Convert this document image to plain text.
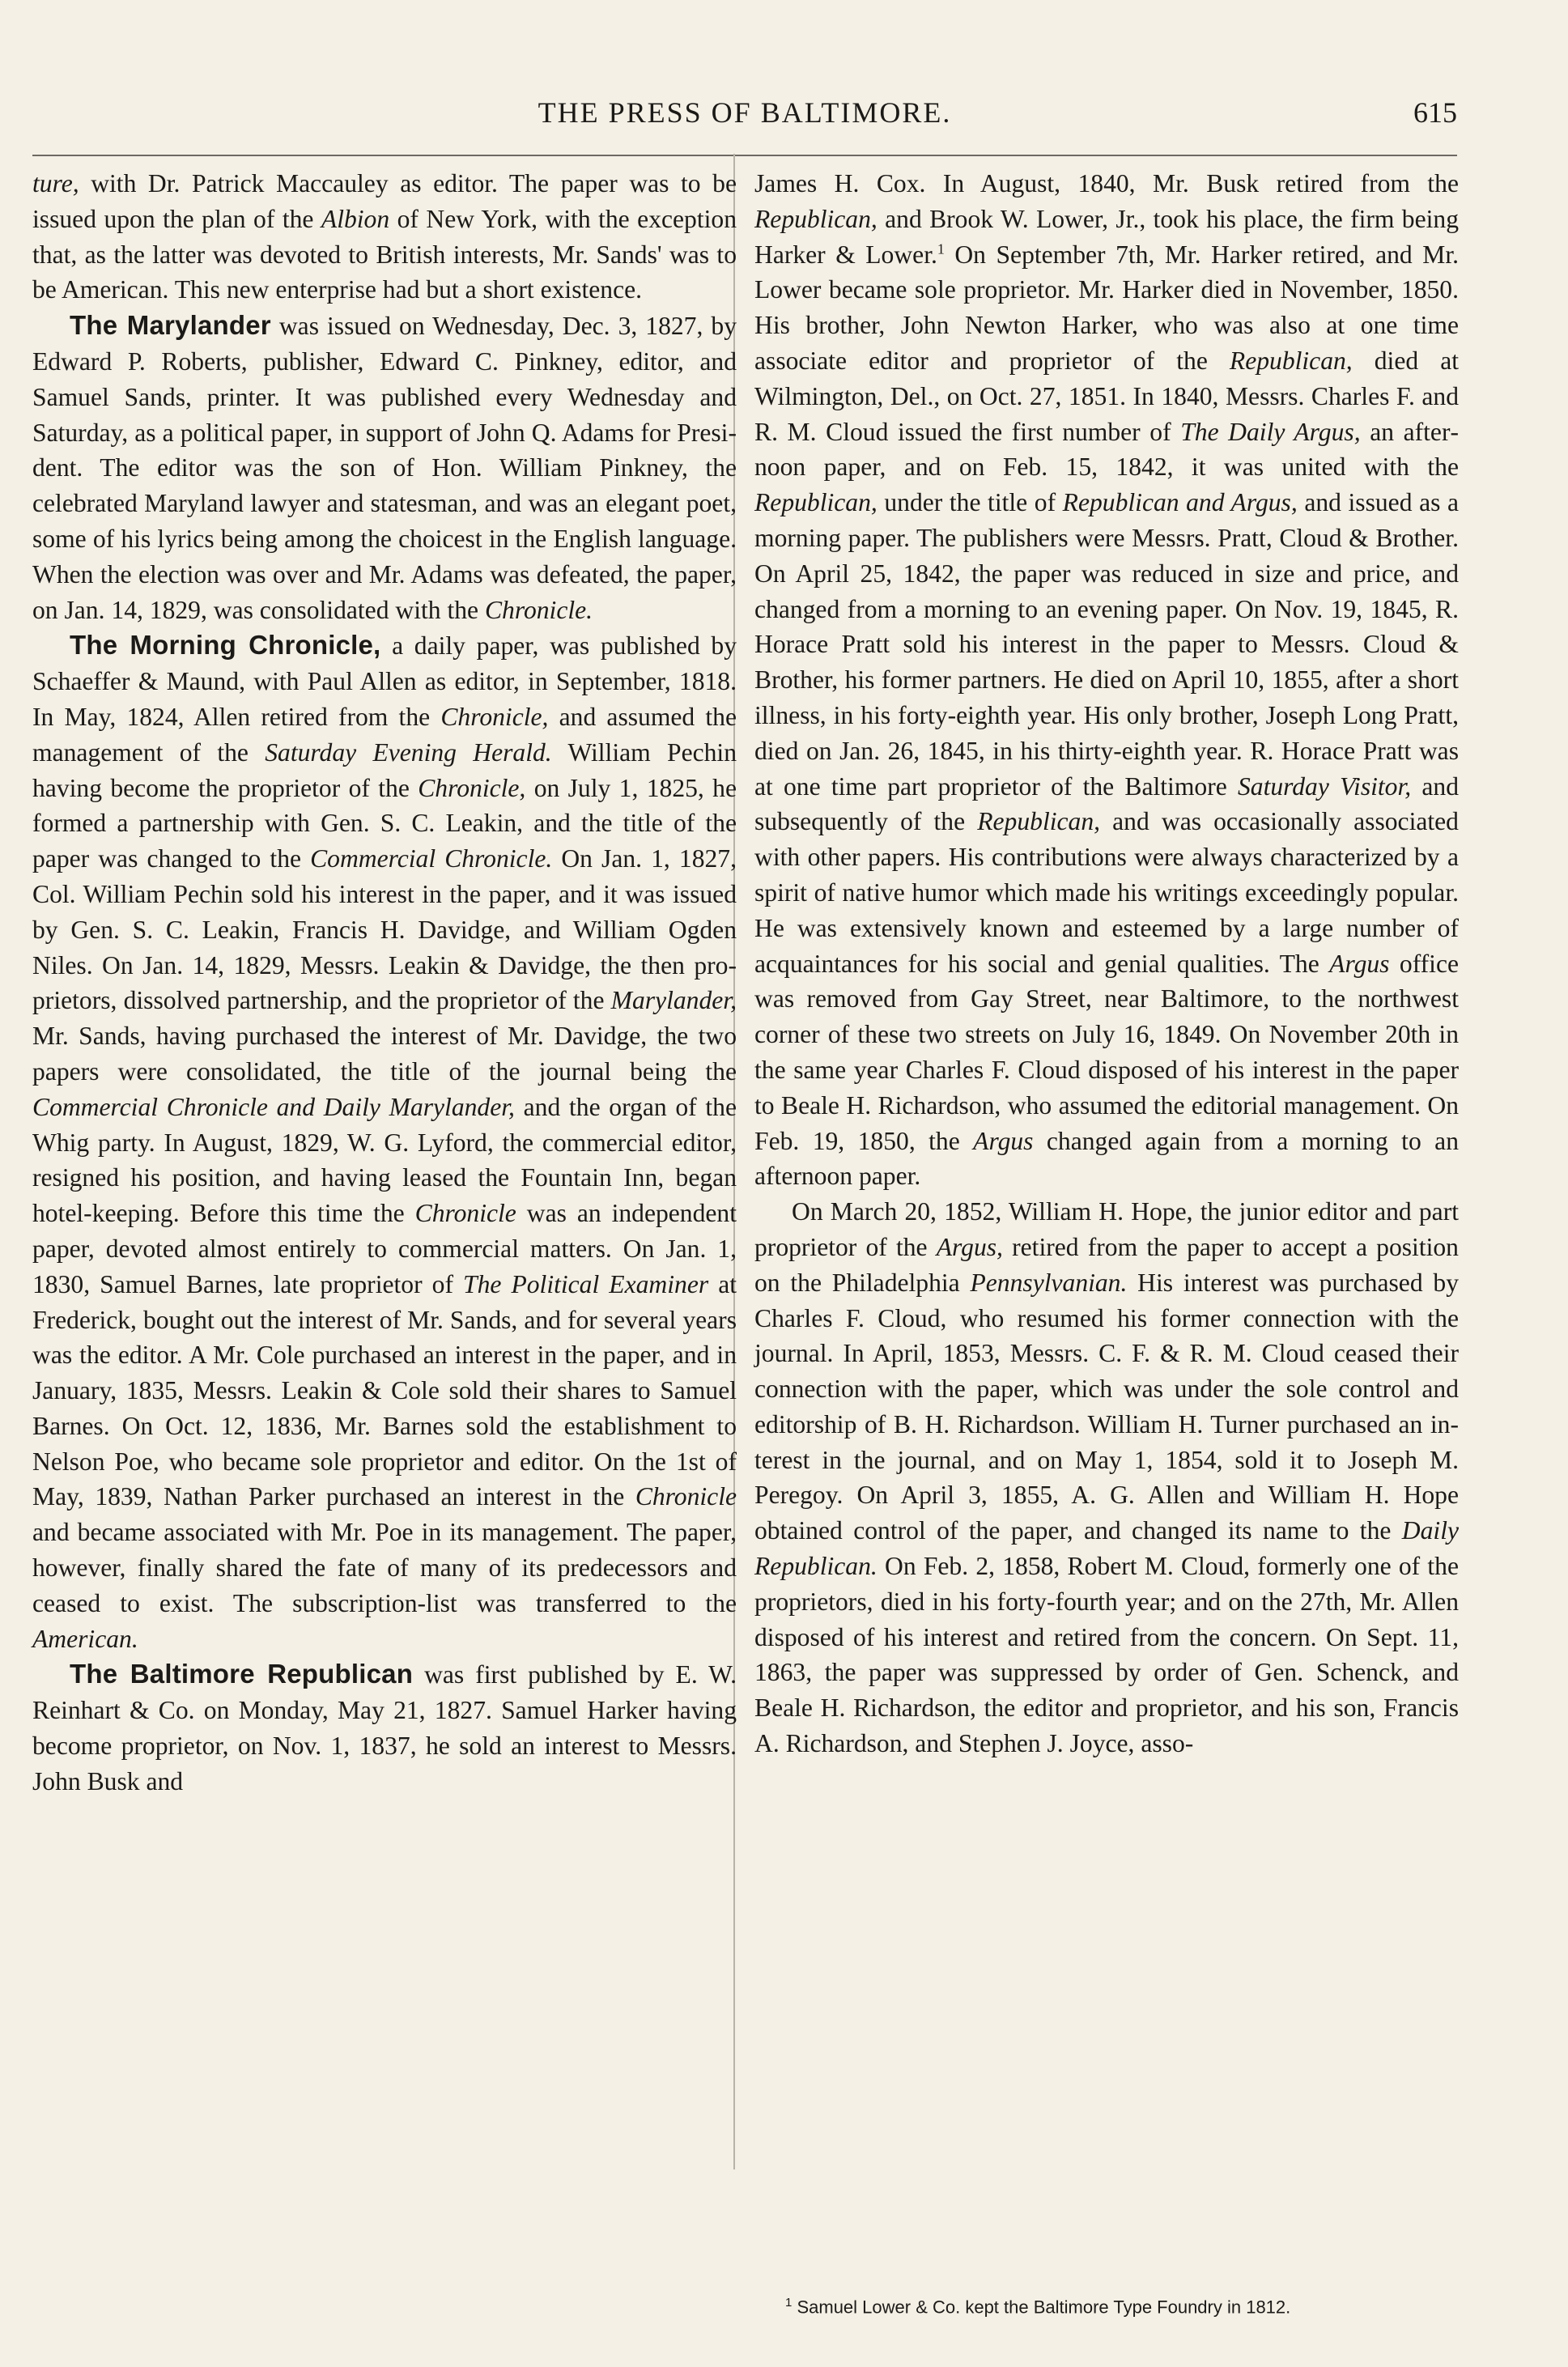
THE PRESS OF BALTIMORE.	615

ture, with Dr. Patrick Maccauley as editor. The paper was to be issued upon the plan of the Albion of New York, with the exception that, as the latter was devoted to British interests, Mr. Sands' was to be American. This new enterprise had but a short existence.

The Marylander was issued on Wednesday, Dec. 3, 1827, by Edward P. Roberts, publisher, Edward C. Pinkney, editor, and Samuel Sands, printer. It was published every Wednesday and Saturday, as a political paper, in support of John Q. Adams for President. The editor was the son of Hon. William Pinkney, the celebrated Maryland lawyer and statesman, and was an elegant poet, some of his lyrics being among the choicest in the English language. When the election was over and Mr. Adams was defeated, the paper, on Jan. 14, 1829, was consolidated with the Chronicle.

The Morning Chronicle, a daily paper, was published by Schaeffer & Maund, with Paul Allen as editor, in September, 1818. In May, 1824, Allen retired from the Chronicle, and assumed the management of the Saturday Evening Herald. William Pechin having become the proprietor of the Chronicle, on July 1, 1825, he formed a partnership with Gen. S. C. Leakin, and the title of the paper was changed to the Commercial Chronicle. On Jan. 1, 1827, Col. William Pechin sold his interest in the paper, and it was issued by Gen. S. C. Leakin, Francis H. Davidge, and William Ogden Niles. On Jan. 14, 1829, Messrs. Leakin & Davidge, the then proprietors, dissolved partnership, and the proprietor of the Marylander, Mr. Sands, having purchased the interest of Mr. Davidge, the two papers were consolidated, the title of the journal being the Commercial Chronicle and Daily Marylander, and the organ of the Whig party. In August, 1829, W. G. Lyford, the commercial editor, resigned his position, and having leased the Fountain Inn, began hotel-keeping. Before this time the Chronicle was an independent paper, devoted almost entirely to commercial matters. On Jan. 1, 1830, Samuel Barnes, late proprietor of The Political Examiner at Frederick, bought out the interest of Mr. Sands, and for several years was the editor. A Mr. Cole purchased an interest in the paper, and in January, 1835, Messrs. Leakin & Cole sold their shares to Samuel Barnes. On Oct. 12, 1836, Mr. Barnes sold the establishment to Nelson Poe, who became sole proprietor and editor. On the 1st of May, 1839, Nathan Parker purchased an interest in the Chronicle and became associated with Mr. Poe in its management. The paper, however, finally shared the fate of many of its predecessors and ceased to exist. The subscription-list was transferred to the American.

The Baltimore Republican was first published by E. W. Reinhart & Co. on Monday, May 21, 1827. Samuel Harker having become proprietor, on Nov. 1, 1837, he sold an interest to Messrs. John Busk and

James H. Cox. In August, 1840, Mr. Busk retired from the Republican, and Brook W. Lower, Jr., took his place, the firm being Harker & Lower.$^1$ On September 7th, Mr. Harker retired, and Mr. Lower became sole proprietor. Mr. Harker died in November, 1850. His brother, John Newton Harker, who was also at one time associate editor and proprietor of the Republican, died at Wilmington, Del., on Oct. 27, 1851. In 1840, Messrs. Charles F. and R. M. Cloud issued the first number of The Daily Argus, an afternoon paper, and on Feb. 15, 1842, it was united with the Republican, under the title of Republican and Argus, and issued as a morning paper. The publishers were Messrs. Pratt, Cloud & Brother. On April 25, 1842, the paper was reduced in size and price, and changed from a morning to an evening paper. On Nov. 19, 1845, R. Horace Pratt sold his interest in the paper to Messrs. Cloud & Brother, his former partners. He died on April 10, 1855, after a short illness, in his forty-eighth year. His only brother, Joseph Long Pratt, died on Jan. 26, 1845, in his thirty-eighth year. R. Horace Pratt was at one time part proprietor of the Baltimore Saturday Visitor, and subsequently of the Republican, and was occasionally associated with other papers. His contributions were always characterized by a spirit of native humor which made his writings exceedingly popular. He was extensively known and esteemed by a large number of acquaintances for his social and genial qualities. The Argus office was removed from Gay Street, near Baltimore, to the northwest corner of these two streets on July 16, 1849. On November 20th in the same year Charles F. Cloud disposed of his interest in the paper to Beale H. Richardson, who assumed the editorial management. On Feb. 19, 1850, the Argus changed again from a morning to an afternoon paper.

On March 20, 1852, William H. Hope, the junior editor and part proprietor of the Argus, retired from the paper to accept a position on the Philadelphia Pennsylvanian. His interest was purchased by Charles F. Cloud, who resumed his former connection with the journal. In April, 1853, Messrs. C. F. & R. M. Cloud ceased their connection with the paper, which was under the sole control and editorship of B. H. Richardson. William H. Turner purchased an interest in the journal, and on May 1, 1854, sold it to Joseph M. Peregoy. On April 3, 1855, A. G. Allen and William H. Hope obtained control of the paper, and changed its name to the Daily Republican. On Feb. 2, 1858, Robert M. Cloud, formerly one of the proprietors, died in his forty-fourth year; and on the 27th, Mr. Allen disposed of his interest and retired from the concern. On Sept. 11, 1863, the paper was suppressed by order of Gen. Schenck, and Beale H. Richardson, the editor and proprietor, and his son, Francis A. Richardson, and Stephen J. Joyce, asso-

$^1$ Samuel Lower & Co. kept the Baltimore Type Foundry in 1812.
